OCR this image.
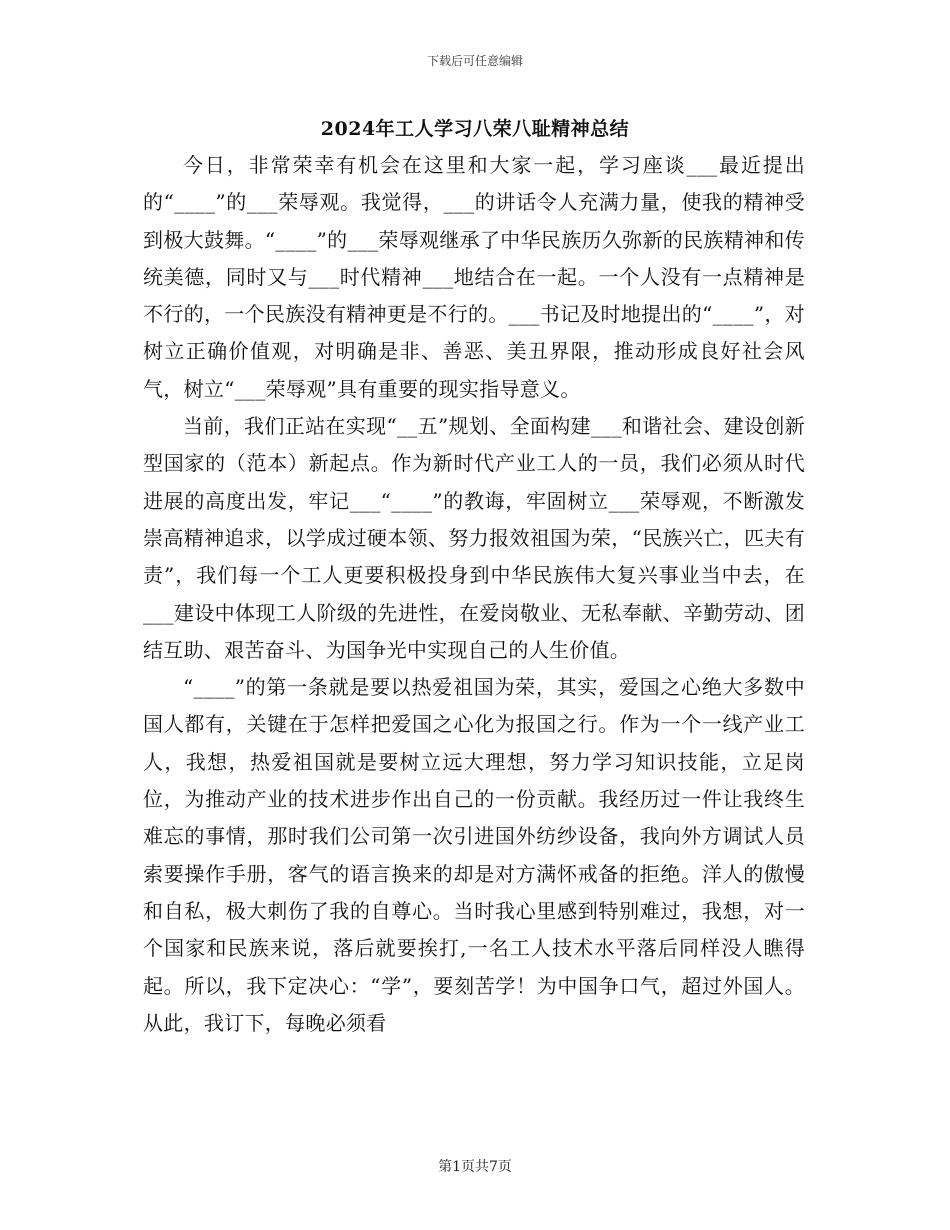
下载后可任意编辑
2024年工人学习八荣八耻精神总结

今日，非常荣幸有机会在这里和大家一起，学习座谈___最近提出的“____”的___荣辱观。我觉得，___的讲话令人充满力量，使我的精神受到极大鼓舞。“____”的___荣辱观继承了中华民族历久弥新的民族精神和传统美德，同时又与___时代精神___地结合在一起。一个人没有一点精神是不行的，一个民族没有精神更是不行的。___书记及时地提出的“____”，对树立正确价值观，对明确是非、善恶、美丑界限，推动形成良好社会风气，树立“___荣辱观”具有重要的现实指导意义。

当前，我们正站在实现“__五”规划、全面构建___和谐社会、建设创新型国家的（范本）新起点。作为新时代产业工人的一员，我们必须从时代进展的高度出发，牢记___“____”的教诲，牢固树立___荣辱观，不断激发崇高精神追求，以学成过硬本领、努力报效祖国为荣，“民族兴亡，匹夫有责”，我们每一个工人更要积极投身到中华民族伟大复兴事业当中去，在___建设中体现工人阶级的先进性，在爱岗敬业、无私奉献、辛勤劳动、团结互助、艰苦奋斗、为国争光中实现自己的人生价值。

“____”的第一条就是要以热爱祖国为荣，其实，爱国之心绝大多数中国人都有，关键在于怎样把爱国之心化为报国之行。作为一个一线产业工人，我想，热爱祖国就是要树立远大理想，努力学习知识技能，立足岗位，为推动产业的技术进步作出自己的一份贡献。我经历过一件让我终生难忘的事情，那时我们公司第一次引进国外纺纱设备，我向外方调试人员索要操作手册，客气的语言换来的却是对方满怀戒备的拒绝。洋人的傲慢和自私，极大刺伤了我的自尊心。当时我心里感到特别难过，我想，对一个国家和民族来说，落后就要挨打,一名工人技术水平落后同样没人瞧得起。所以，我下定决心：“学”，要刻苦学！为中国争口气，超过外国人。从此，我订下，每晚必须看

第1页共7页
